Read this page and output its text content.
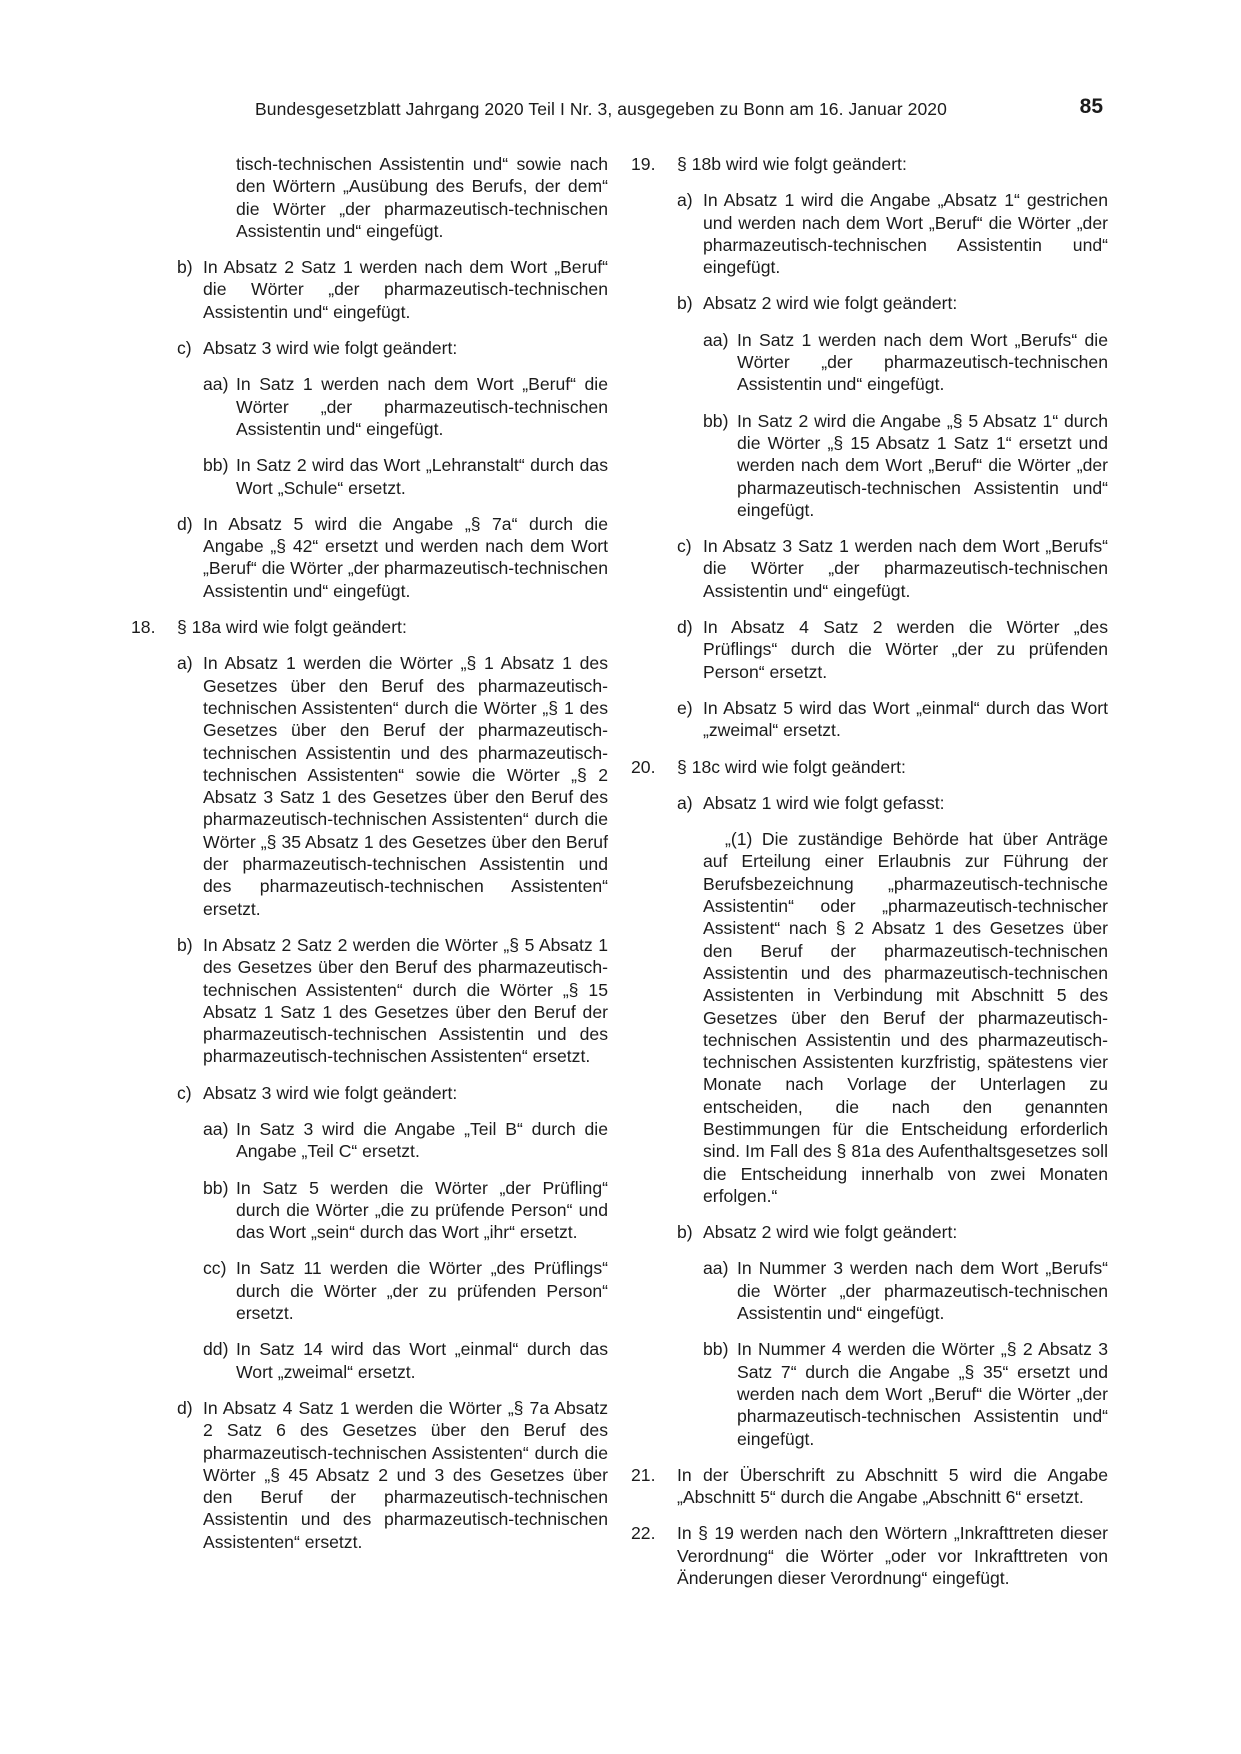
Bundesgesetzblatt Jahrgang 2020 Teil I Nr. 3, ausgegeben zu Bonn am 16. Januar 2020	85

tisch-technischen Assistentin und“ sowie nach den Wörtern „Ausübung des Berufs, der dem“ die Wörter „der pharmazeutisch-technischen Assistentin und“ eingefügt.

b) In Absatz 2 Satz 1 werden nach dem Wort „Beruf“ die Wörter „der pharmazeutisch-technischen Assistentin und“ eingefügt.
c) Absatz 3 wird wie folgt geändert:
aa) In Satz 1 werden nach dem Wort „Beruf“ die Wörter „der pharmazeutisch-technischen Assistentin und“ eingefügt.
bb) In Satz 2 wird das Wort „Lehranstalt“ durch das Wort „Schule“ ersetzt.
d) In Absatz 5 wird die Angabe „§ 7a“ durch die Angabe „§ 42“ ersetzt und werden nach dem Wort „Beruf“ die Wörter „der pharmazeutisch-technischen Assistentin und“ eingefügt.
18. § 18a wird wie folgt geändert:
a) In Absatz 1 werden die Wörter „§ 1 Absatz 1 des Gesetzes über den Beruf des pharmazeutisch-technischen Assistenten“ durch die Wörter „§ 1 des Gesetzes über den Beruf der pharmazeutisch-technischen Assistentin und des pharmazeutisch-technischen Assistenten“ sowie die Wörter „§ 2 Absatz 3 Satz 1 des Gesetzes über den Beruf des pharmazeutisch-technischen Assistenten“ durch die Wörter „§ 35 Absatz 1 des Gesetzes über den Beruf der pharmazeutisch-technischen Assistentin und des pharmazeutisch-technischen Assistenten“ ersetzt.
b) In Absatz 2 Satz 2 werden die Wörter „§ 5 Absatz 1 des Gesetzes über den Beruf des pharmazeutisch-technischen Assistenten“ durch die Wörter „§ 15 Absatz 1 Satz 1 des Gesetzes über den Beruf der pharmazeutisch-technischen Assistentin und des pharmazeutisch-technischen Assistenten“ ersetzt.
c) Absatz 3 wird wie folgt geändert:
aa) In Satz 3 wird die Angabe „Teil B“ durch die Angabe „Teil C“ ersetzt.
bb) In Satz 5 werden die Wörter „der Prüfling“ durch die Wörter „die zu prüfende Person“ und das Wort „sein“ durch das Wort „ihr“ ersetzt.
cc) In Satz 11 werden die Wörter „des Prüflings“ durch die Wörter „der zu prüfenden Person“ ersetzt.
dd) In Satz 14 wird das Wort „einmal“ durch das Wort „zweimal“ ersetzt.
d) In Absatz 4 Satz 1 werden die Wörter „§ 7a Absatz 2 Satz 6 des Gesetzes über den Beruf des pharmazeutisch-technischen Assistenten“ durch die Wörter „§ 45 Absatz 2 und 3 des Gesetzes über den Beruf der pharmazeutisch-technischen Assistentin und des pharmazeutisch-technischen Assistenten“ ersetzt.
19. § 18b wird wie folgt geändert:
a) In Absatz 1 wird die Angabe „Absatz 1“ gestrichen und werden nach dem Wort „Beruf“ die Wörter „der pharmazeutisch-technischen Assistentin und“ eingefügt.
b) Absatz 2 wird wie folgt geändert:
aa) In Satz 1 werden nach dem Wort „Berufs“ die Wörter „der pharmazeutisch-technischen Assistentin und“ eingefügt.
bb) In Satz 2 wird die Angabe „§ 5 Absatz 1“ durch die Wörter „§ 15 Absatz 1 Satz 1“ ersetzt und werden nach dem Wort „Beruf“ die Wörter „der pharmazeutisch-technischen Assistentin und“ eingefügt.
c) In Absatz 3 Satz 1 werden nach dem Wort „Berufs“ die Wörter „der pharmazeutisch-technischen Assistentin und“ eingefügt.
d) In Absatz 4 Satz 2 werden die Wörter „des Prüflings“ durch die Wörter „der zu prüfenden Person“ ersetzt.
e) In Absatz 5 wird das Wort „einmal“ durch das Wort „zweimal“ ersetzt.
20. § 18c wird wie folgt geändert:
a) Absatz 1 wird wie folgt gefasst:

„(1) Die zuständige Behörde hat über Anträge auf Erteilung einer Erlaubnis zur Führung der Berufsbezeichnung „pharmazeutisch-technische Assistentin“ oder „pharmazeutisch-technischer Assistent“ nach § 2 Absatz 1 des Gesetzes über den Beruf der pharmazeutisch-technischen Assistentin und des pharmazeutisch-technischen Assistenten in Verbindung mit Abschnitt 5 des Gesetzes über den Beruf der pharmazeutisch-technischen Assistentin und des pharmazeutisch-technischen Assistenten kurzfristig, spätestens vier Monate nach Vorlage der Unterlagen zu entscheiden, die nach den genannten Bestimmungen für die Entscheidung erforderlich sind. Im Fall des § 81a des Aufenthaltsgesetzes soll die Entscheidung innerhalb von zwei Monaten erfolgen.“

b) Absatz 2 wird wie folgt geändert:
aa) In Nummer 3 werden nach dem Wort „Berufs“ die Wörter „der pharmazeutisch-technischen Assistentin und“ eingefügt.
bb) In Nummer 4 werden die Wörter „§ 2 Absatz 3 Satz 7“ durch die Angabe „§ 35“ ersetzt und werden nach dem Wort „Beruf“ die Wörter „der pharmazeutisch-technischen Assistentin und“ eingefügt.
21. In der Überschrift zu Abschnitt 5 wird die Angabe „Abschnitt 5“ durch die Angabe „Abschnitt 6“ ersetzt.
22. In § 19 werden nach den Wörtern „Inkrafttreten dieser Verordnung“ die Wörter „oder vor Inkrafttreten von Änderungen dieser Verordnung“ eingefügt.
